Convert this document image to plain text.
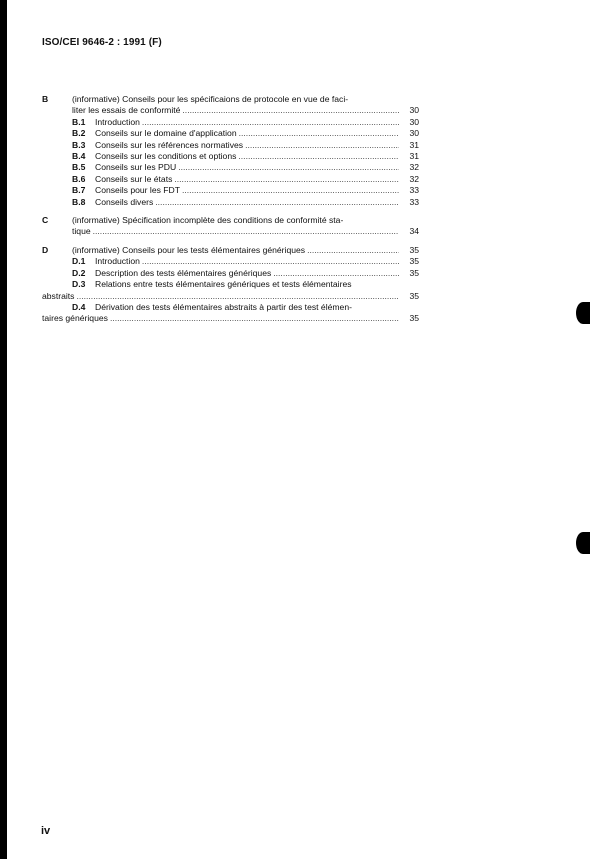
ISO/CEI 9646-2 : 1991 (F)
B	(informative) Conseils pour les spécificaions de protocole en vue de faci-
liter les essais de conformité .....	30
B.1	Introduction .....	30
B.2	Conseils sur le domaine d'application .....	30
B.3	Conseils sur les références normatives .....	31
B.4	Conseils sur les conditions et options .....	31
B.5	Conseils sur les PDU .....	32
B.6	Conseils sur le états .....	32
B.7	Conseils pour les FDT .....	33
B.8	Conseils divers .....	33
C	(informative) Spécification incomplète des conditions de conformité sta-
tique .....	34
D	(informative) Conseils pour les tests élémentaires génériques .....	35
D.1	Introduction .....	35
D.2	Description des tests élémentaires génériques .....	35
D.3	Relations entre tests élémentaires génériques et tests élémentaires
abstraits .....	35
D.4	Dérivation des tests élémentaires abstraits à partir des test élémen-
taires génériques .....	35
iv
